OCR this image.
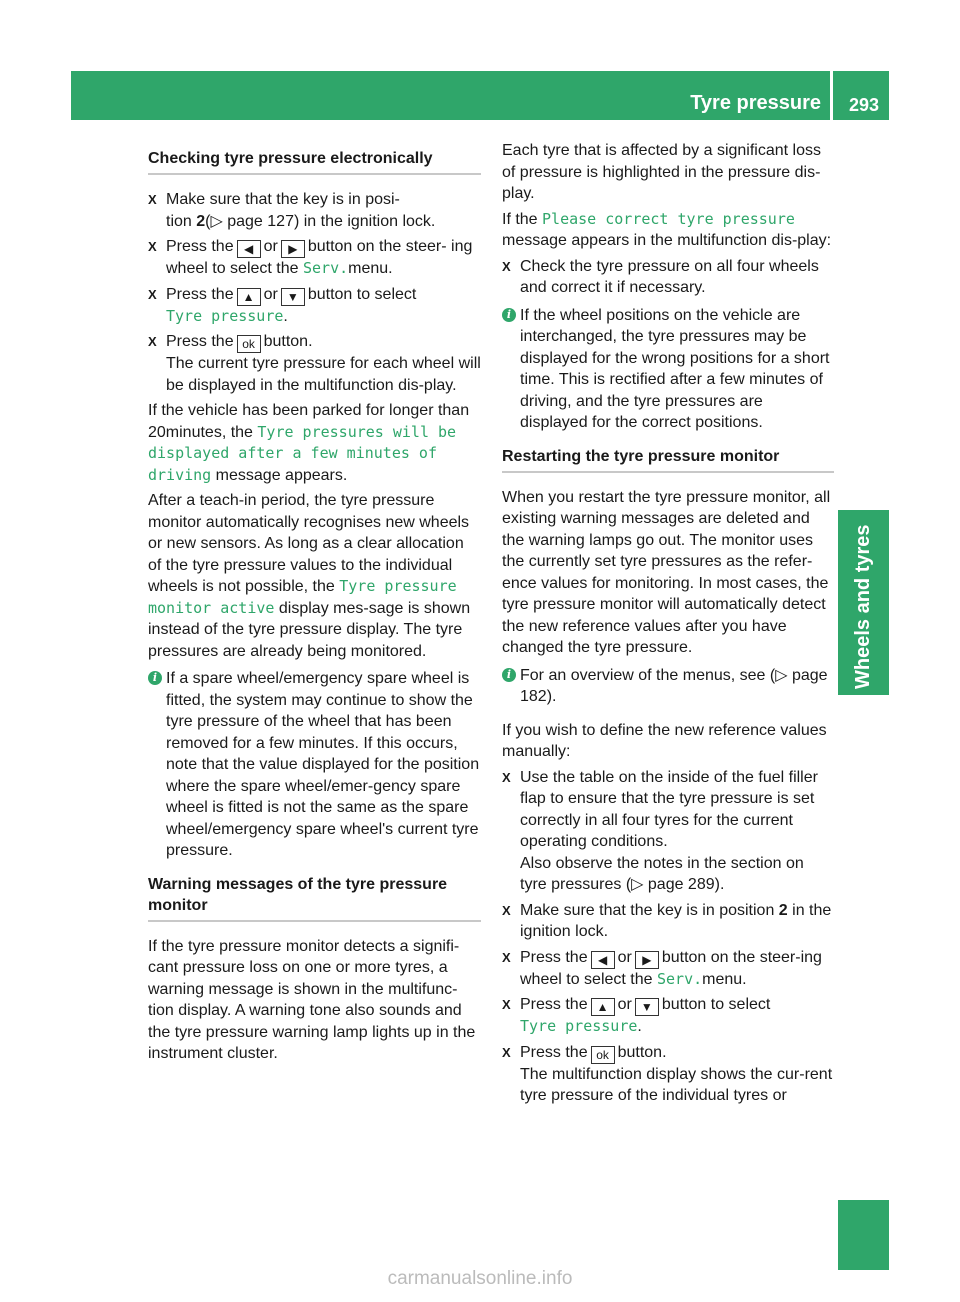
Tyre pressure 293
Wheels and tyres
Checking tyre pressure electronically
X Make sure that the key is in posi-
tion 2(▷ page 127) in the ignition lock.
X Press the ◀ or ▶ button on the steer- ing wheel to select the Serv.menu.
X Press the ▲ or ▼ button to select
Tyre pressure.
X Press the ok button.
The current tyre pressure for each wheel will be displayed in the multifunction dis-play.

If the vehicle has been parked for longer than 20minutes, the Tyre pressures will be displayed after a few minutes of driving message appears.

After a teach-in period, the tyre pressure monitor automatically recognises new wheels or new sensors. As long as a clear allocation of the tyre pressure values to the individual wheels is not possible, the Tyre pressure monitor active display mes-sage is shown instead of the tyre pressure display. The tyre pressures are already being monitored.

i If a spare wheel/emergency spare wheel is fitted, the system may continue to show the tyre pressure of the wheel that has been removed for a few minutes. If this occurs, note that the value displayed for the position where the spare wheel/emer-gency spare wheel is fitted is not the same as the spare wheel/emergency spare wheel's current tyre pressure.
Warning messages of the tyre pressure monitor

If the tyre pressure monitor detects a signifi-cant pressure loss on one or more tyres, a warning message is shown in the multifunc-tion display. A warning tone also sounds and the tyre pressure warning lamp lights up in the instrument cluster.

Each tyre that is affected by a significant loss of pressure is highlighted in the pressure dis-play.

If the Please correct tyre pressure message appears in the multifunction dis-play:

X Check the tyre pressure on all four wheels and correct it if necessary.
i If the wheel positions on the vehicle are interchanged, the tyre pressures may be displayed for the wrong positions for a short time. This is rectified after a few minutes of driving, and the tyre pressures are displayed for the correct positions.
Restarting the tyre pressure monitor

When you restart the tyre pressure monitor, all existing warning messages are deleted and the warning lamps go out. The monitor uses the currently set tyre pressures as the refer-ence values for monitoring. In most cases, the tyre pressure monitor will automatically detect the new reference values after you have changed the tyre pressure.

i For an overview of the menus, see (▷ page 182).

If you wish to define the new reference values manually:

X Use the table on the inside of the fuel filler flap to ensure that the tyre pressure is set correctly in all four tyres for the current operating conditions.
Also observe the notes in the section on tyre pressures (▷ page 289).
X Make sure that the key is in position 2 in the ignition lock.
X Press the ◀ or ▶ button on the steer-ing wheel to select the Serv.menu.
X Press the ▲ or ▼ button to select
Tyre pressure.
X Press the ok button.
The multifunction display shows the cur-rent tyre pressure of the individual tyres or
carmanualsonline.info
